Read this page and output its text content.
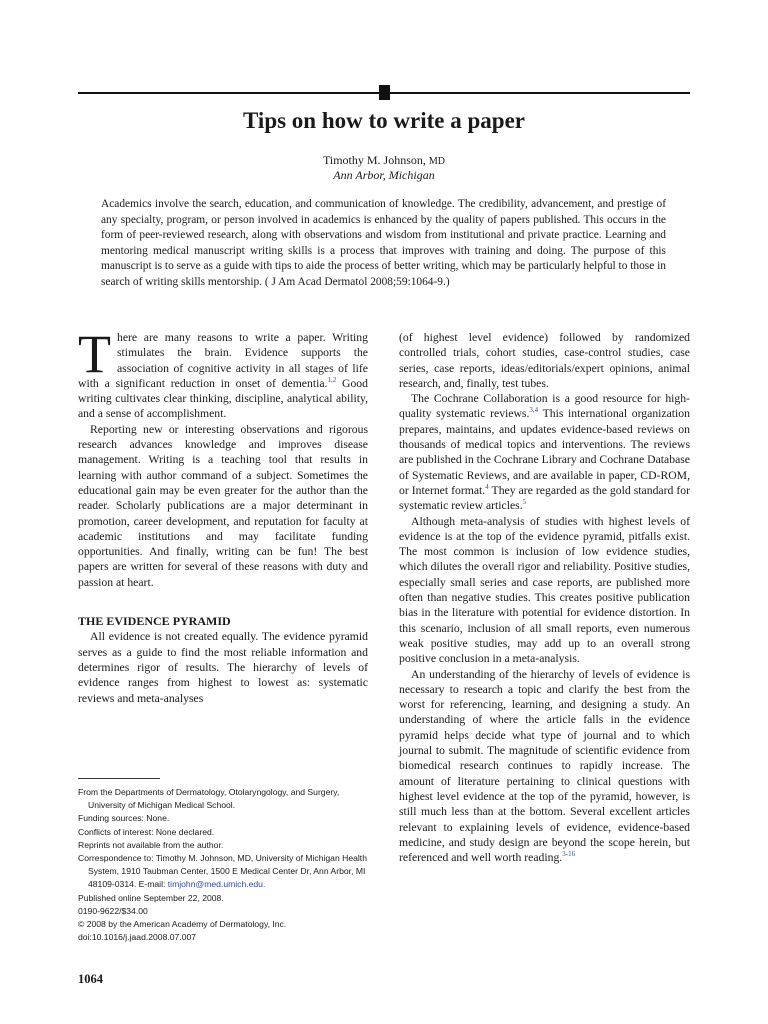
Tips on how to write a paper
Timothy M. Johnson, MD
Ann Arbor, Michigan

Academics involve the search, education, and communication of knowledge. The credibility, advancement, and prestige of any specialty, program, or person involved in academics is enhanced by the quality of papers published. This occurs in the form of peer-reviewed research, along with observations and wisdom from institutional and private practice. Learning and mentoring medical manuscript writing skills is a process that improves with training and doing. The purpose of this manuscript is to serve as a guide with tips to aide the process of better writing, which may be particularly helpful to those in search of writing skills mentorship. ( J Am Acad Dermatol 2008;59:1064-9.)

There are many reasons to write a paper. Writing stimulates the brain. Evidence supports the association of cognitive activity in all stages of life with a significant reduction in onset of dementia.$^{1,2}$ Good writing cultivates clear thinking, discipline, analytical ability, and a sense of accomplishment.

Reporting new or interesting observations and rigorous research advances knowledge and improves disease management. Writing is a teaching tool that results in learning with author command of a subject. Sometimes the educational gain may be even greater for the author than the reader. Scholarly publications are a major determinant in promotion, career development, and reputation for faculty at academic institutions and may facilitate funding opportunities. And finally, writing can be fun! The best papers are written for several of these reasons with duty and passion at heart.

THE EVIDENCE PYRAMID

All evidence is not created equally. The evidence pyramid serves as a guide to find the most reliable information and determines rigor of results. The hierarchy of levels of evidence ranges from highest to lowest as: systematic reviews and meta-analyses

(of highest level evidence) followed by randomized controlled trials, cohort studies, case-control studies, case series, case reports, ideas/editorials/expert opinions, animal research, and, finally, test tubes.

The Cochrane Collaboration is a good resource for high-quality systematic reviews.$^{3,4}$ This international organization prepares, maintains, and updates evidence-based reviews on thousands of medical topics and interventions. The reviews are published in the Cochrane Library and Cochrane Database of Systematic Reviews, and are available in paper, CD-ROM, or Internet format.$^4$ They are regarded as the gold standard for systematic review articles.$^5$

Although meta-analysis of studies with highest levels of evidence is at the top of the evidence pyramid, pitfalls exist. The most common is inclusion of low evidence studies, which dilutes the overall rigor and reliability. Positive studies, especially small series and case reports, are published more often than negative studies. This creates positive publication bias in the literature with potential for evidence distortion. In this scenario, inclusion of all small reports, even numerous weak positive studies, may add up to an overall strong positive conclusion in a meta-analysis.

An understanding of the hierarchy of levels of evidence is necessary to research a topic and clarify the best from the worst for referencing, learning, and designing a study. An understanding of where the article falls in the evidence pyramid helps decide what type of journal and to which journal to submit. The magnitude of scientific evidence from biomedical research continues to rapidly increase. The amount of literature pertaining to clinical questions with highest level evidence at the top of the pyramid, however, is still much less than at the bottom. Several excellent articles relevant to explaining levels of evidence, evidence-based medicine, and study design are beyond the scope herein, but referenced and well worth reading.$^{3-16}$

From the Departments of Dermatology, Otolaryngology, and Surgery, University of Michigan Medical School.
Funding sources: None.
Conflicts of interest: None declared.
Reprints not available from the author.
Correspondence to: Timothy M. Johnson, MD, University of Michigan Health System, 1910 Taubman Center, 1500 E Medical Center Dr, Ann Arbor, MI 48109-0314. E-mail: timjohn@med.umich.edu.
Published online September 22, 2008.
0190-9622/$34.00
© 2008 by the American Academy of Dermatology, Inc.
doi:10.1016/j.jaad.2008.07.007
1064
